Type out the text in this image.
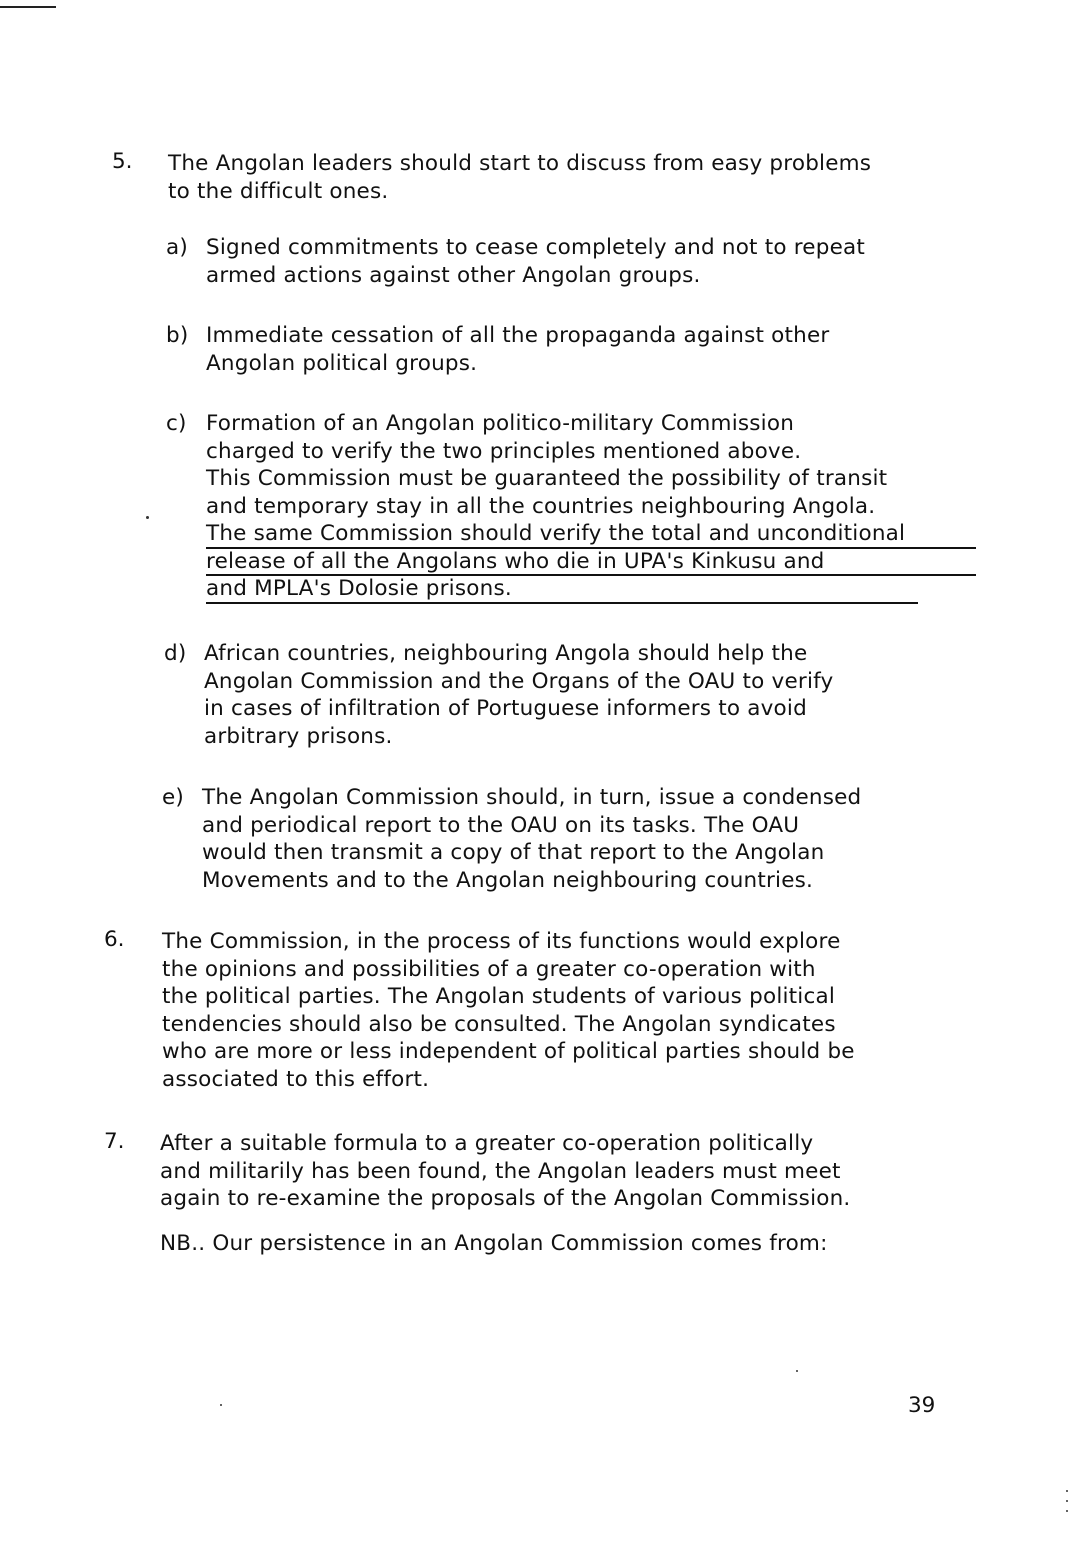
5. The Angolan leaders should start to discuss from easy problems
to the difficult ones.
a) Signed commitments to cease completely and not to repeat
armed actions against other Angolan groups.
b) Immediate cessation of all the propaganda against other
Angolan political groups.
c) Formation of an Angolan politico-military Commission
charged to verify the two principles mentioned above.
This Commission must be guaranteed the possibility of transit
and temporary stay in all the countries neighbouring Angola.
The same Commission should verify the total and unconditional
release of all the Angolans who die in UPA's Kinkusu and
and MPLA's Dolosie prisons.
d) African countries, neighbouring Angola should help the
Angolan Commission and the Organs of the OAU to verify
in cases of infiltration of Portuguese informers to avoid
arbitrary prisons.
e) The Angolan Commission should, in turn, issue a condensed
and periodical report to the OAU on its tasks. The OAU
would then transmit a copy of that report to the Angolan
Movements and to the Angolan neighbouring countries.
6. The Commission, in the process of its functions would explore
the opinions and possibilities of a greater co-operation with
the political parties. The Angolan students of various political
tendencies should also be consulted. The Angolan syndicates
who are more or less independent of political parties should be
associated to this effort.
7. After a suitable formula to a greater co-operation politically
and militarily has been found, the Angolan leaders must meet
again to re-examine the proposals of the Angolan Commission.
NB.. Our persistence in an Angolan Commission comes from:
39
